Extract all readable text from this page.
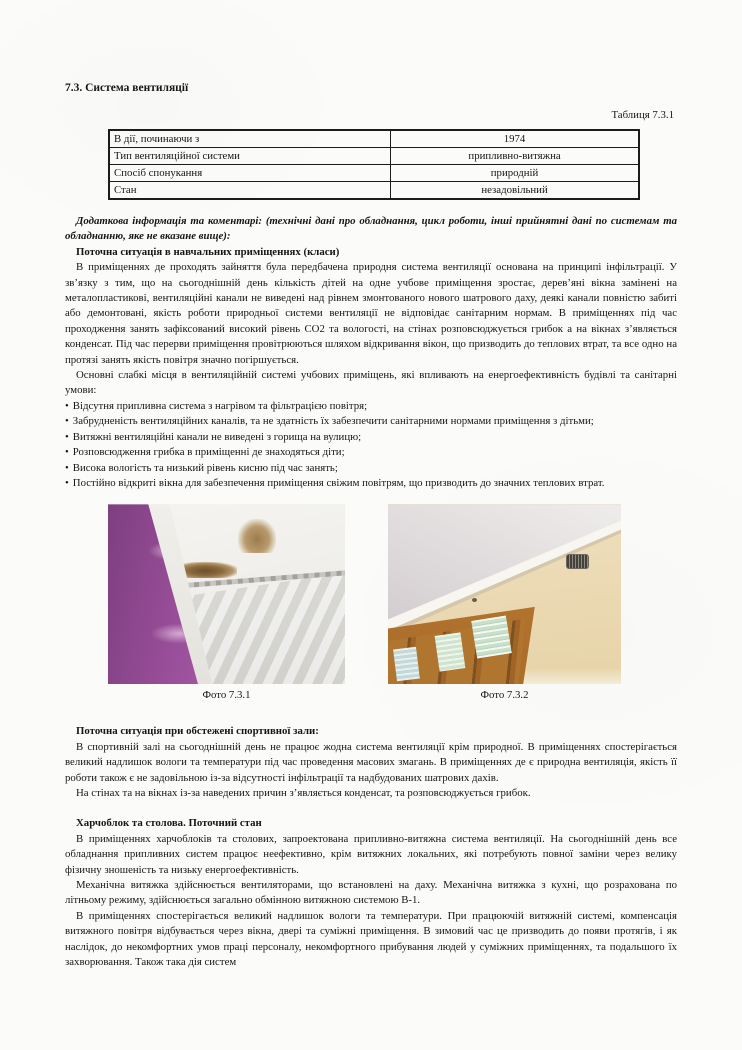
7.3. Система вентиляції
Таблиця 7.3.1
В дії, починаючи з	1974
Тип вентиляційної системи	припливно-витяжна
Спосіб спонукання	природній
Стан	незадовільний

Додаткова інформація та коментарі: (технічні дані про обладнання, цикл роботи, інші прийнятні дані по системам та обладнанню, яке не вказане вище):

Поточна ситуація в навчальних приміщеннях (класи)

В приміщеннях де проходять зайняття була передбачена природня система вентиляції основана на принципі інфільтрації. У зв’язку з тим, що на сьогоднішній день кількість дітей на одне учбове приміщення зростає, дерев’яні вікна замінені на металопластикові, вентиляційні канали не виведені над рівнем змонтованого нового шатрового даху, деякі канали повністю забиті або демонтовані, якість роботи природньої системи вентиляції не відповідає санітарним нормам. В приміщеннях під час проходження занять зафіксований високий рівень СО2 та вологості, на стінах розповсюджується грибок а на вікнах з’являється конденсат. Під час перерви приміщення провітрюються шляхом відкривання вікон, що призводить до теплових втрат, та все одно на протязі занять якість повітря значно погіршується.

Основні слабкі місця в вентиляційній системі учбових приміщень, які впливають на енергоефективність будівлі та санітарні умови:

• Відсутня припливна система з нагрівом та фільтрацією повітря;

• Забрудненість вентиляційних каналів, та не здатність їх забезпечити санітарними нормами приміщення з дітьми;

• Витяжні вентиляційні канали не виведені з горища на вулицю;

• Розповсюдження грибка в приміщенні де знаходяться діти;

• Висока вологість та низький рівень кисню під час занять;

• Постійно відкриті вікна для забезпечення приміщення свіжим повітрям, що призводить до значних теплових втрат.

Фото 7.3.1	Фото 7.3.2

Поточна ситуація при обстежені спортивної зали:

В спортивній залі на сьогоднішній день не працює жодна система вентиляції крім природної. В приміщеннях спостерігається великий надлишок вологи та температури під час проведення масових змагань. В приміщеннях де є природна вентиляція, якість її роботи також є не задовільною із-за відсутності інфільтрації та надбудованих шатрових дахів.

На стінах та на вікнах із-за наведених причин з’являється конденсат, та розповсюджується грибок.

Харчоблок та столова. Поточний стан

В приміщеннях харчоблоків та столових, запроектована припливно-витяжна система вентиляції. На сьогоднішній день все обладнання припливних систем працює неефективно, крім витяжних локальних, які потребують повної заміни через велику фізичну зношеність та низьку енергоефективність.

Механічна витяжка здійснюється вентиляторами, що встановлені на даху. Механічна витяжка з кухні, що розрахована по літньому режиму, здійснюється загально обмінною витяжною системою В-1.

В приміщеннях спостерігається великий надлишок вологи та температури. При працюючій витяжній системі, компенсація витяжного повітря відбувається через вікна, двері та суміжні приміщення. В зимовий час це призводить до появи протягів, і як наслідок, до некомфортних умов праці персоналу, некомфортного прибування людей у суміжних приміщеннях, та подальшого їх захворювання. Також така дія систем
